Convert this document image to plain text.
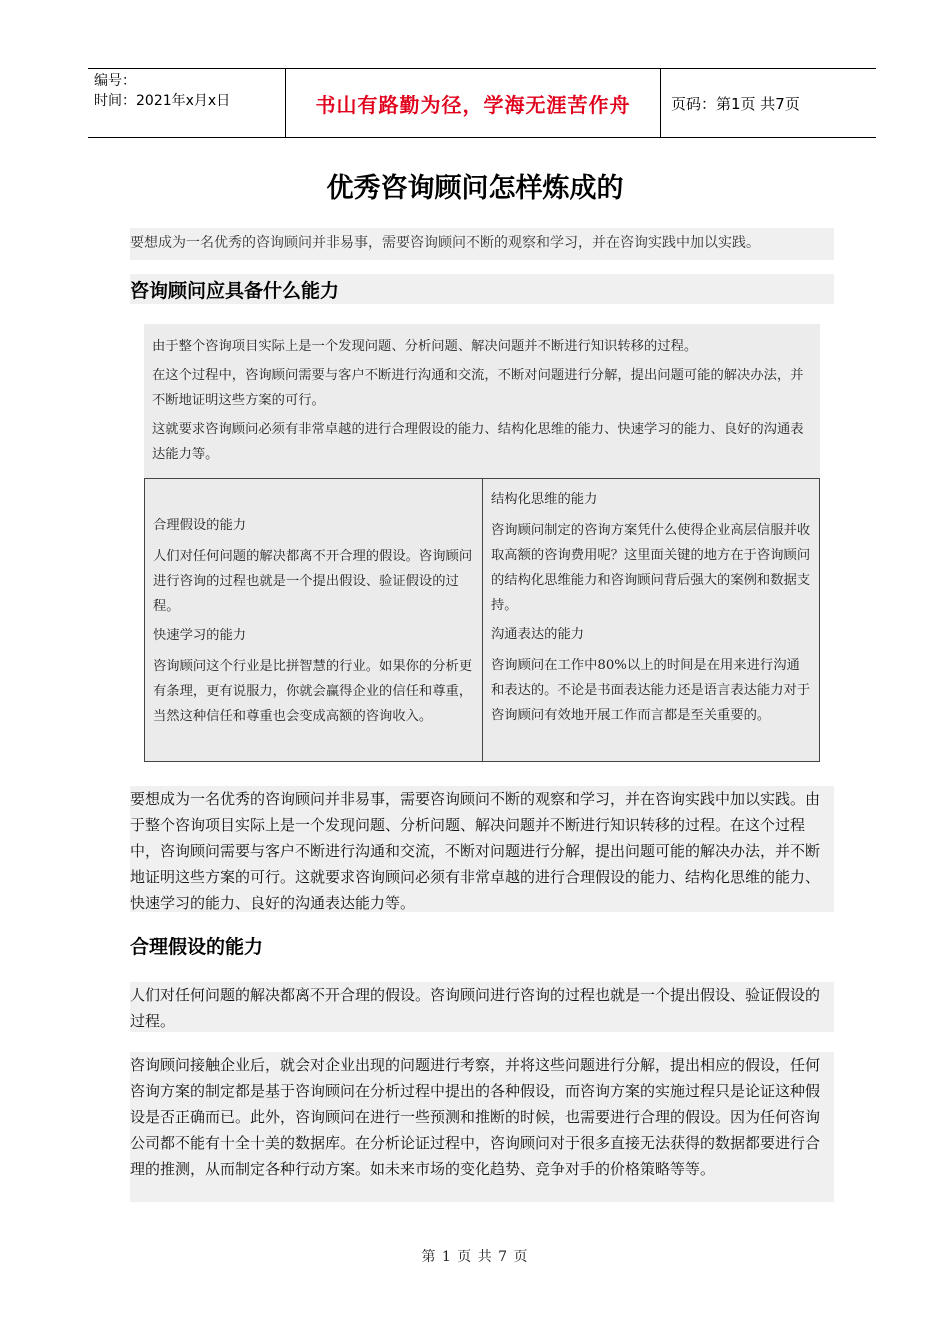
编号：
时间：2021年x月x日	书山有路勤为径，学海无涯苦作舟	页码：第1页 共7页
优秀咨询顾问怎样炼成的
要想成为一名优秀的咨询顾问并非易事，需要咨询顾问不断的观察和学习，并在咨询实践中加以实践。
咨询顾问应具备什么能力

由于整个咨询项目实际上是一个发现问题、分析问题、解决问题并不断进行知识转移的过程。

在这个过程中，咨询顾问需要与客户不断进行沟通和交流，不断对问题进行分解，提出问题可能的解决办法，并不断地证明这些方案的可行。

这就要求咨询顾问必须有非常卓越的进行合理假设的能力、结构化思维的能力、快速学习的能力、良好的沟通表达能力等。

合理假设的能力

人们对任何问题的解决都离不开合理的假设。咨询顾问进行咨询的过程也就是一个提出假设、验证假设的过程。

快速学习的能力

咨询顾问这个行业是比拼智慧的行业。如果你的分析更有条理，更有说服力，你就会赢得企业的信任和尊重，当然这种信任和尊重也会变成高额的咨询收入。

结构化思维的能力

咨询顾问制定的咨询方案凭什么使得企业高层信服并收取高额的咨询费用呢？这里面关键的地方在于咨询顾问的结构化思维能力和咨询顾问背后强大的案例和数据支持。

沟通表达的能力

咨询顾问在工作中80%以上的时间是在用来进行沟通和表达的。不论是书面表达能力还是语言表达能力对于咨询顾问有效地开展工作而言都是至关重要的。

要想成为一名优秀的咨询顾问并非易事，需要咨询顾问不断的观察和学习，并在咨询实践中加以实践。由于整个咨询项目实际上是一个发现问题、分析问题、解决问题并不断进行知识转移的过程。在这个过程中，咨询顾问需要与客户不断进行沟通和交流，不断对问题进行分解，提出问题可能的解决办法，并不断地证明这些方案的可行。这就要求咨询顾问必须有非常卓越的进行合理假设的能力、结构化思维的能力、快速学习的能力、良好的沟通表达能力等。
合理假设的能力
人们对任何问题的解决都离不开合理的假设。咨询顾问进行咨询的过程也就是一个提出假设、验证假设的过程。
咨询顾问接触企业后，就会对企业出现的问题进行考察，并将这些问题进行分解，提出相应的假设，任何咨询方案的制定都是基于咨询顾问在分析过程中提出的各种假设，而咨询方案的实施过程只是论证这种假设是否正确而已。此外，咨询顾问在进行一些预测和推断的时候，也需要进行合理的假设。因为任何咨询公司都不能有十全十美的数据库。在分析论证过程中，咨询顾问对于很多直接无法获得的数据都要进行合理的推测，从而制定各种行动方案。如未来市场的变化趋势、竞争对手的价格策略等等。
第 1 页 共 7 页
